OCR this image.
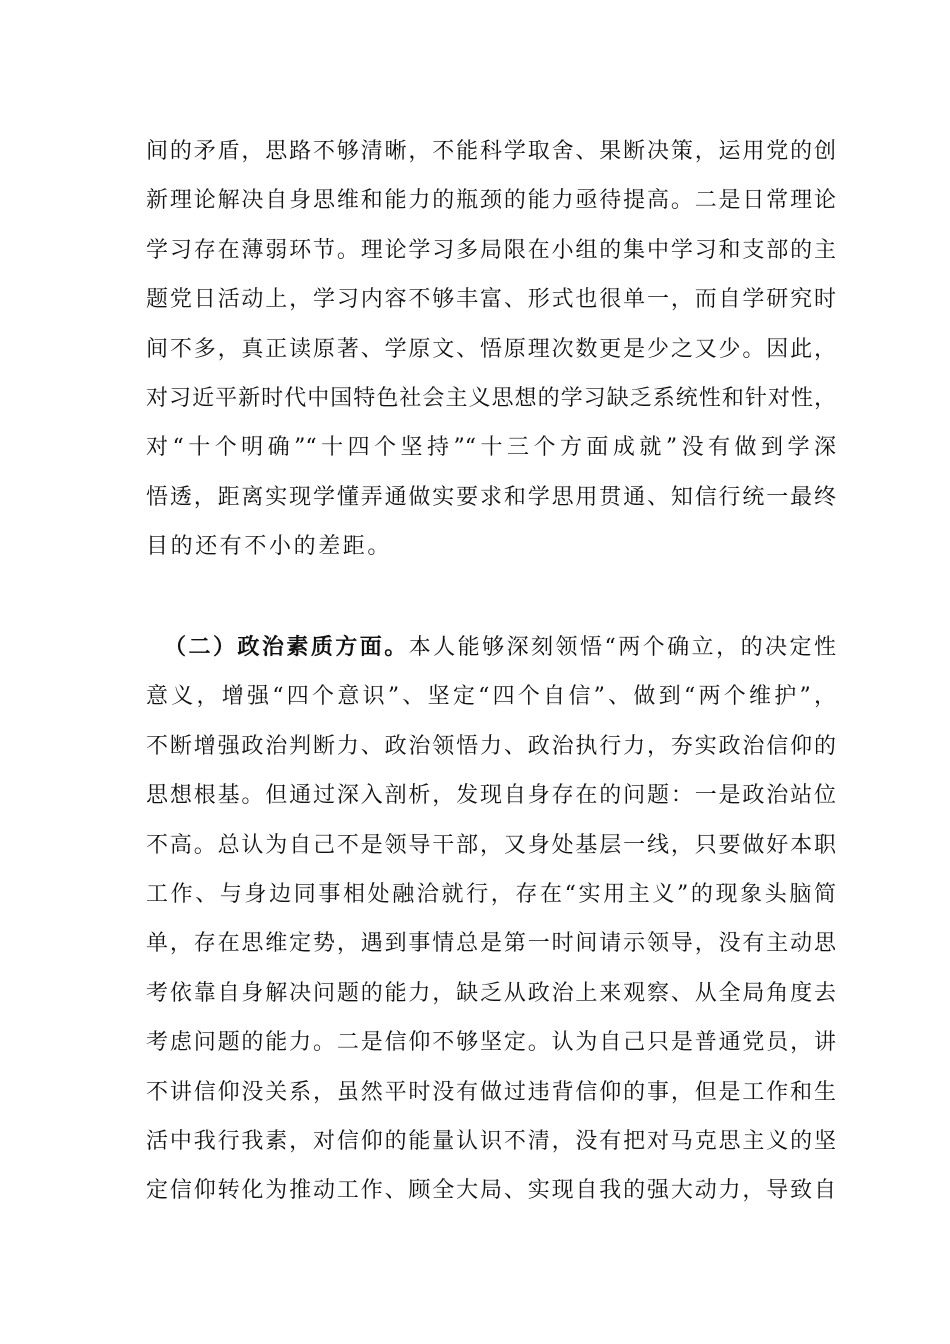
间的矛盾，思路不够清晰，不能科学取舍、果断决策，运用党的创
新理论解决自身思维和能力的瓶颈的能力亟待提高。二是日常理论
学习存在薄弱环节。理论学习多局限在小组的集中学习和支部的主
题党日活动上，学习内容不够丰富、形式也很单一，而自学研究时
间不多，真正读原著、学原文、悟原理次数更是少之又少。因此，
对习近平新时代中国特色社会主义思想的学习缺乏系统性和针对性，
对“十个明确”“十四个坚持”“十三个方面成就”没有做到学深
悟透，距离实现学懂弄通做实要求和学思用贯通、知信行统一最终
目的还有不小的差距。
（二）政治素质方面。本人能够深刻领悟“两个确立，的决定性
意义，增强“四个意识”、坚定“四个自信”、做到“两个维护”，
不断增强政治判断力、政治领悟力、政治执行力，夯实政治信仰的
思想根基。但通过深入剖析，发现自身存在的问题：一是政治站位
不高。总认为自己不是领导干部，又身处基层一线，只要做好本职
工作、与身边同事相处融洽就行，存在“实用主义”的现象头脑简
单，存在思维定势，遇到事情总是第一时间请示领导，没有主动思
考依靠自身解决问题的能力，缺乏从政治上来观察、从全局角度去
考虑问题的能力。二是信仰不够坚定。认为自己只是普通党员，讲
不讲信仰没关系，虽然平时没有做过违背信仰的事，但是工作和生
活中我行我素，对信仰的能量认识不清，没有把对马克思主义的坚
定信仰转化为推动工作、顾全大局、实现自我的强大动力，导致自
